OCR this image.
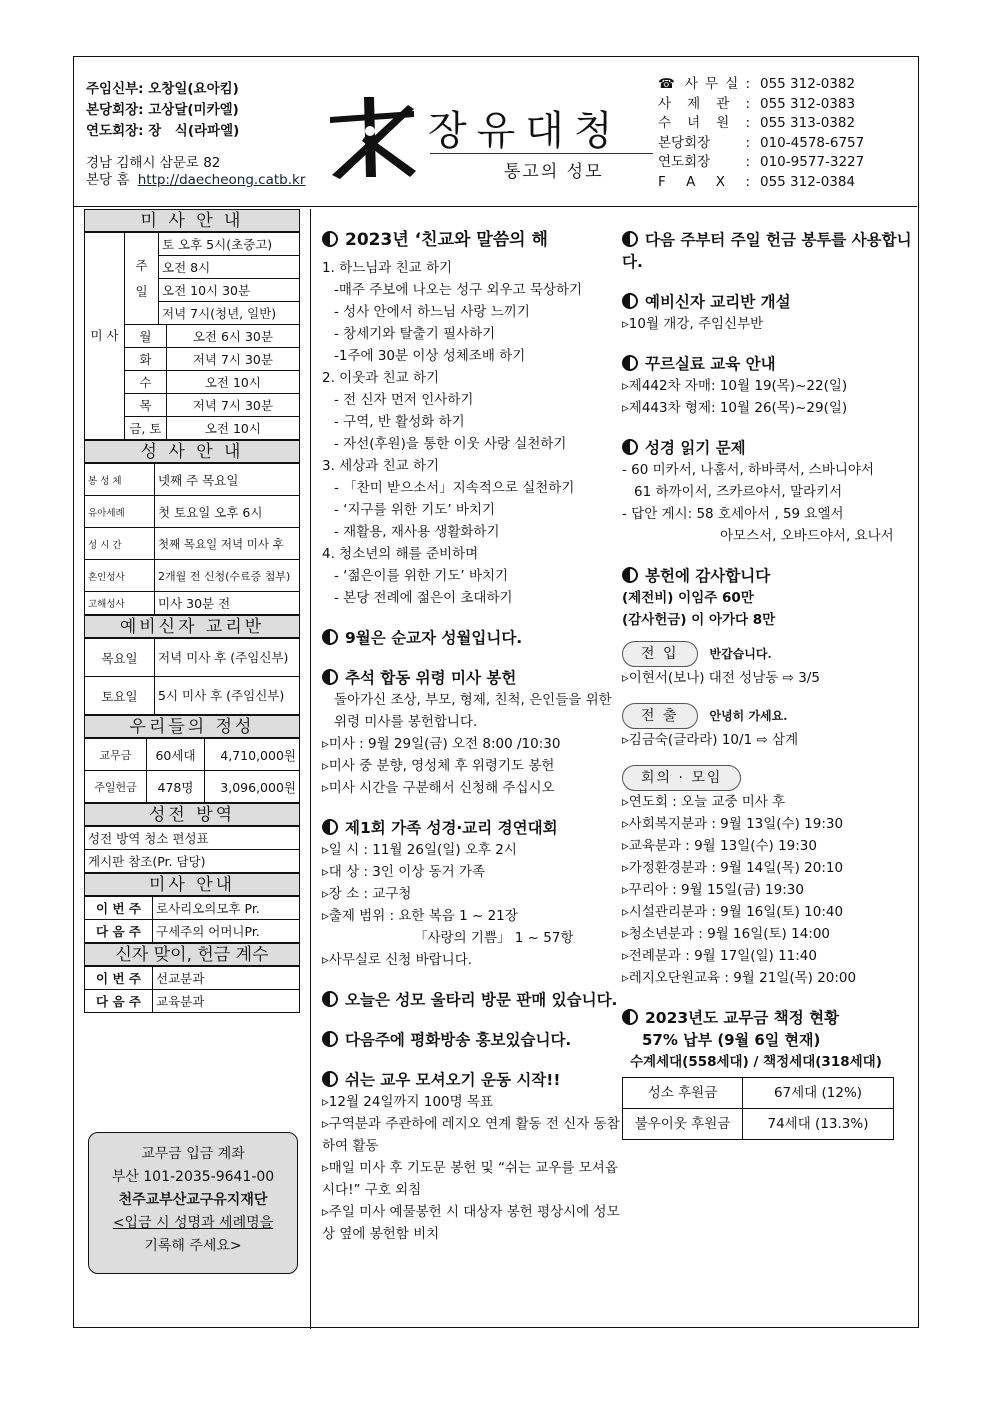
주임신부: 오창일(요아킴)
본당회장: 고상달(미카엘)
연도회장: 장　식(라파엘)
경남 김해시 삼문로 82
본당 홈 http://daecheong.catb.kr
장유대청
통고의 성모
☎ 사 무 실 : 055 312-0382
사 제 관 : 055 312-0383
수 녀 원 : 055 313-0382
본당회장 : 010-4578-6757
연도회장 : 010-9577-3227
F A X : 055 312-0384
미 사 안 내
미 사	주 일	토 오후 5시(초중고)	
		오전 8시	
		오전 10시 30분	
		저녁 7시(청년, 일반)	
	월		오전 6시 30분
	화		저녁 7시 30분
	수		오전 10시
	목		저녁 7시 30분
	금, 토		오전 10시
성 사 안 내
봉 성 체	넷째 주 목요일
유아세례	첫 토요일 오후 6시
성 시 간	첫째 목요일 저녁 미사 후
혼인성사	2개월 전 신청(수료증 첨부)
고해성사	미사 30분 전
예비신자 교리반
목요일	저녁 미사 후 (주임신부)
토요일	5시 미사 후 (주임신부)
우리들의 정성
교무금	60세대	4,710,000원
주일헌금	478명	3,096,000원
성전 방역
성전 방역 청소 편성표
게시판 참조(Pr. 담당)
미사 안내
이 번 주	로사리오의모후 Pr.
다 음 주	구세주의 어머니Pr.
신자 맞이, 헌금 계수
이 번 주	선교분과
다 음 주	교육분과
교무금 입금 계좌
부산 101-2035-9641-00
천주교부산교구유지재단
<입금 시 성명과 세례명을
기록해 주세요>
2023년 ‘친교와 말씀의 해
1. 하느님과 친교 하기
-매주 주보에 나오는 성구 외우고 묵상하기
- 성사 안에서 하느님 사랑 느끼기
- 창세기와 탈출기 필사하기
-1주에 30분 이상 성체조배 하기
2. 이웃과 친교 하기
- 전 신자 먼저 인사하기
- 구역, 반 활성화 하기
- 자선(후원)을 통한 이웃 사랑 실천하기
3. 세상과 친교 하기
- 「찬미 받으소서」지속적으로 실천하기
- ‘지구를 위한 기도’ 바치기
- 재활용, 재사용 생활화하기
4. 청소년의 해를 준비하며
- ‘젊은이를 위한 기도’ 바치기
- 본당 전례에 젊은이 초대하기
9월은 순교자 성월입니다.
추석 합동 위령 미사 봉헌
돌아가신 조상, 부모, 형제, 친척, 은인들을 위한 위령 미사를 봉헌합니다.
▹미사 : 9월 29일(금) 오전 8:00 /10:30
▹미사 중 분향, 영성체 후 위령기도 봉헌
▹미사 시간을 구분해서 신청해 주십시오
제1회 가족 성경·교리 경연대회
▹일 시 : 11월 26일(일) 오후 2시
▹대 상 : 3인 이상 동거 가족
▹장 소 : 교구청
▹출제 범위 : 요한 복음 1 ~ 21장
「사랑의 기쁨」 1 ~ 57항
▹사무실로 신청 바랍니다.
오늘은 성모 울타리 방문 판매 있습니다.
다음주에 평화방송 홍보있습니다.
쉬는 교우 모셔오기 운동 시작!!
▹12월 24일까지 100명 목표
▹구역분과 주관하에 레지오 연계 활동 전 신자 동참하여 활동
▹매일 미사 후 기도문 봉헌 및 “쉬는 교우를 모셔옵시다!” 구호 외침
▹주일 미사 예물봉헌 시 대상자 봉헌 평상시에 성모상 옆에 봉헌함 비치
다음 주부터 주일 헌금 봉투를 사용합니다.
예비신자 교리반 개설
▹10월 개강, 주임신부반
꾸르실료 교육 안내
▹제442차 자매: 10월 19(목)~22(일)
▹제443차 형제: 10월 26(목)~29(일)
성경 읽기 문제
- 60 미카서, 나훔서, 하바쿡서, 스바니야서
61 하까이서, 즈카르야서, 말라키서
- 답안 게시: 58 호세아서 , 59 요엘서
아모스서, 오바드야서, 요나서
봉헌에 감사합니다
(제전비) 이임주 60만
(감사헌금) 이 아가다 8만
전 입	반갑습니다.
▹이현서(보나) 대전 성남동 ⇨ 3/5
전 출	안녕히 가세요.
▹김금숙(글라라) 10/1 ⇨ 삼계
회의 · 모임
▹연도회 : 오늘 교중 미사 후
▹사회복지분과 : 9월 13일(수) 19:30
▹교육분과 : 9월 13일(수) 19:30
▹가정환경분과 : 9월 14일(목) 20:10
▹꾸리아 : 9월 15일(금) 19:30
▹시설관리분과 : 9월 16일(토) 10:40
▹청소년분과 : 9월 16일(토) 14:00
▹전례분과 : 9월 17일(일) 11:40
▹레지오단원교육 : 9월 21일(목) 20:00
2023년도 교무금 책정 현황
57% 납부 (9월 6일 현재)
수계세대(558세대) / 책정세대(318세대)
성소 후원금	67세대 (12%)
불우이웃 후원금	74세대 (13.3%)
